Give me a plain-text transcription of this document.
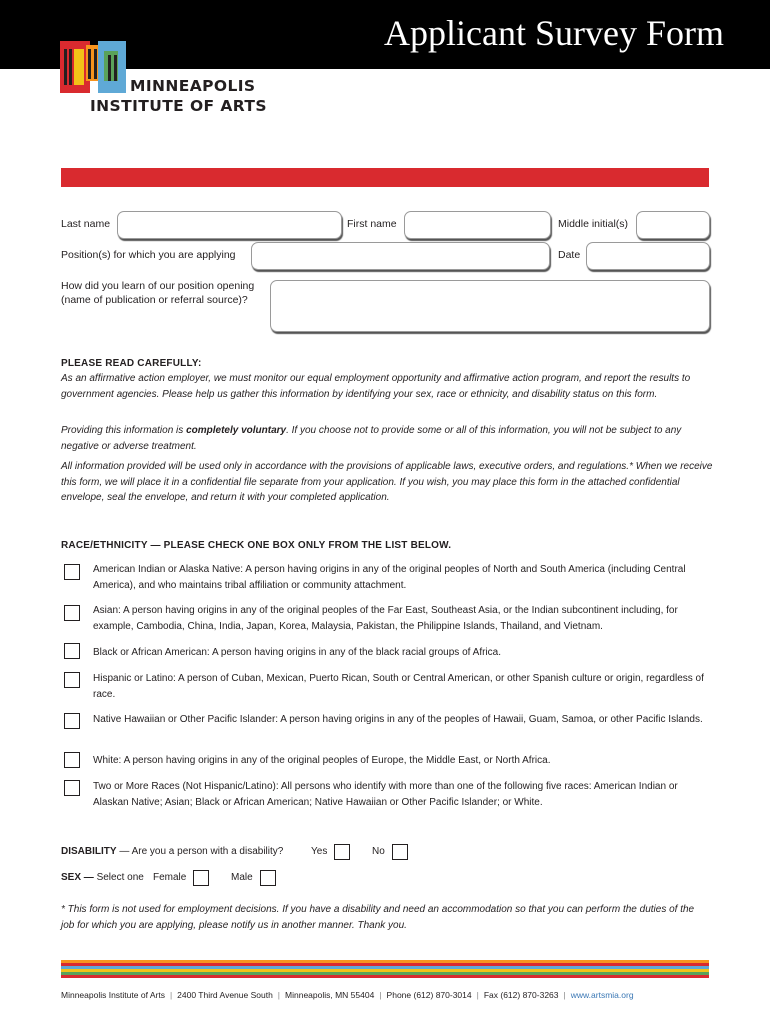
Applicant Survey Form
MINNEAPOLIS
INSTITUTE OF ARTS
Last name	First name	Middle initial(s)
Position(s) for which you are applying	Date
How did you learn of our position opening
(name of publication or referral source)?
PLEASE READ CAREFULLY:
As an affirmative action employer, we must monitor our equal employment opportunity and affirmative action program, and report the results to government agencies. Please help us gather this information by identifying your sex, race or ethnicity, and disability status on this form.
Providing this information is completely voluntary. If you choose not to provide some or all of this information, you will not be subject to any negative or adverse treatment.
All information provided will be used only in accordance with the provisions of applicable laws, executive orders, and regulations.* When we receive this form, we will place it in a confidential file separate from your application. If you wish, you may place this form in the attached confidential envelope, seal the envelope, and return it with your completed application.
RACE/ETHNICITY — PLEASE CHECK ONE BOX ONLY FROM THE LIST BELOW.
American Indian or Alaska Native: A person having origins in any of the original peoples of North and South America (including Central America), and who maintains tribal affiliation or community attachment.
Asian: A person having origins in any of the original peoples of the Far East, Southeast Asia, or the Indian subcontinent including, for example, Cambodia, China, India, Japan, Korea, Malaysia, Pakistan, the Philippine Islands, Thailand, and Vietnam.
Black or African American: A person having origins in any of the black racial groups of Africa.
Hispanic or Latino: A person of Cuban, Mexican, Puerto Rican, South or Central American, or other Spanish culture or origin, regardless of race.
Native Hawaiian or Other Pacific Islander: A person having origins in any of the peoples of Hawaii, Guam, Samoa, or other Pacific Islands.
White: A person having origins in any of the original peoples of Europe, the Middle East, or North Africa.
Two or More Races (Not Hispanic/Latino): All persons who identify with more than one of the following five races: American Indian or Alaskan Native; Asian; Black or African American; Native Hawaiian or Other Pacific Islander; or White.
DISABILITY — Are you a person with a disability?	Yes	No
SEX — Select one Female	Male
* This form is not used for employment decisions. If you have a disability and need an accommodation so that you can perform the duties of the job for which you are applying, please notify us in another manner. Thank you.
Minneapolis Institute of Arts | 2400 Third Avenue South | Minneapolis, MN 55404 | Phone (612) 870-3014 | Fax (612) 870-3263 | www.artsmia.org
